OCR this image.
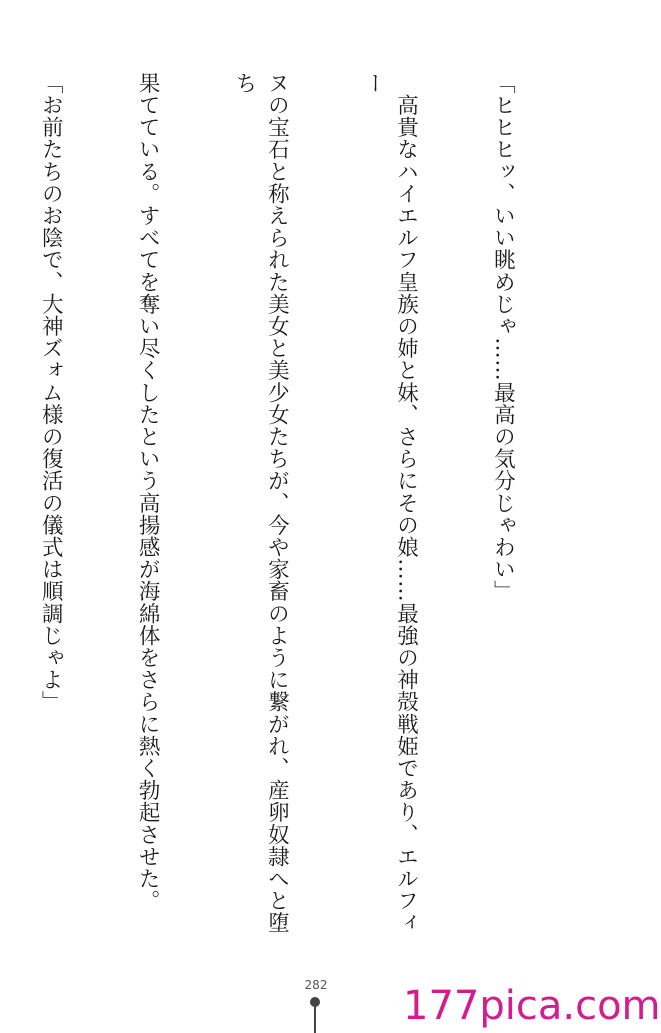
「ヒヒヒッ、いい眺めじゃ……最高の気分じゃわい」

　高貴なハイエルフ皇族の姉と妹、さらにその娘……最強の神殻戦姫であり、エルフィー

ヌの宝石と称えられた美女と美少女たちが、今や家畜のように繋がれ、産卵奴隷へと堕ち

果てている。すべてを奪い尽くしたという高揚感が海綿体をさらに熱く勃起させた。

「お前たちのお陰で、大神ズォム様の復活の儀式は順調じゃよ」

282 177pica.com
